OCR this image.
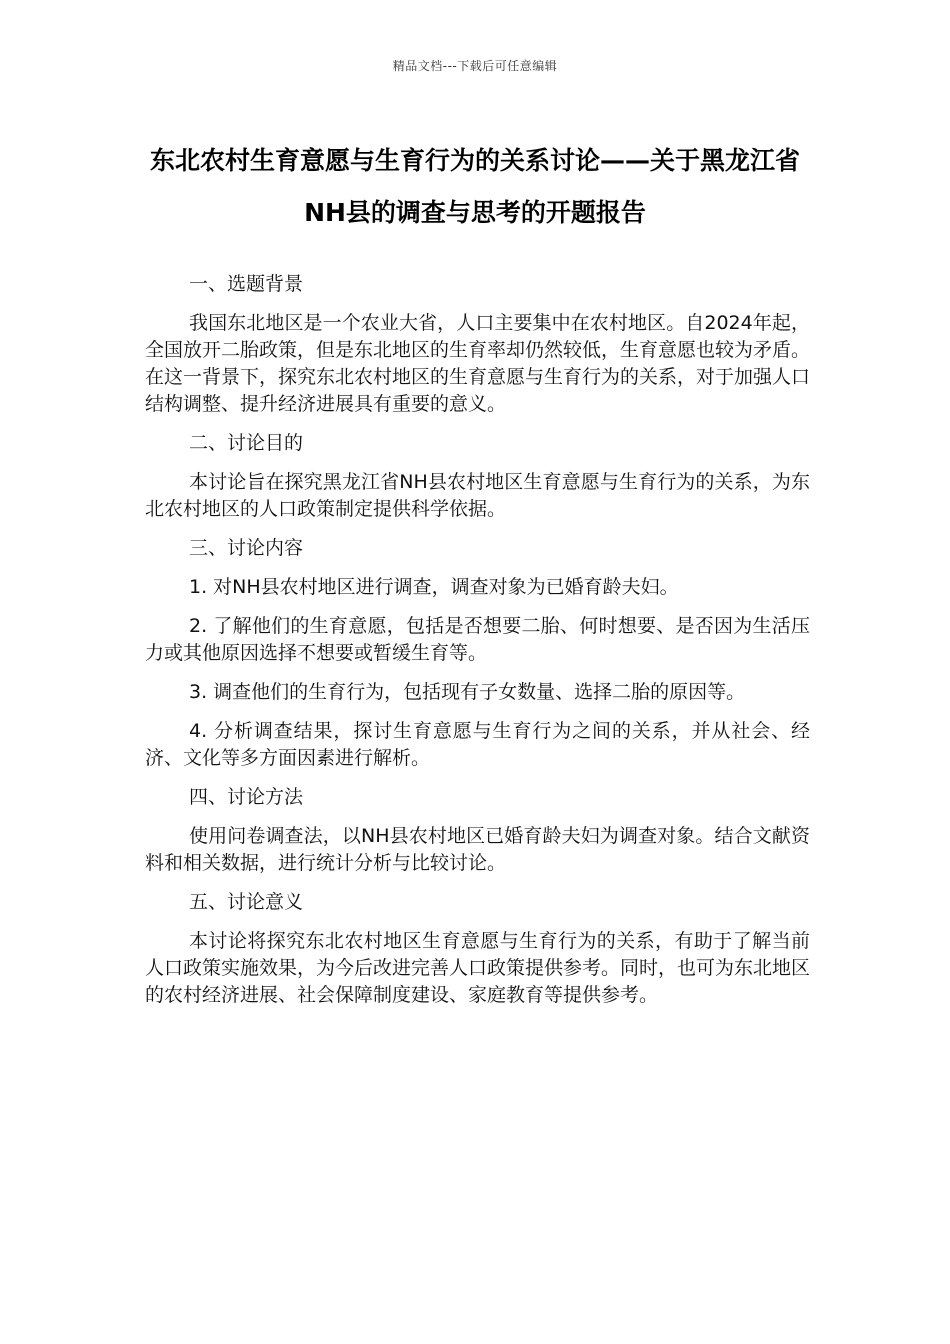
精品文档---下载后可任意编辑
东北农村生育意愿与生育行为的关系讨论——关于黑龙江省NH县的调查与思考的开题报告

一、选题背景

我国东北地区是一个农业大省，人口主要集中在农村地区。自2024年起，全国放开二胎政策，但是东北地区的生育率却仍然较低，生育意愿也较为矛盾。在这一背景下，探究东北农村地区的生育意愿与生育行为的关系，对于加强人口结构调整、提升经济进展具有重要的意义。

二、讨论目的

本讨论旨在探究黑龙江省NH县农村地区生育意愿与生育行为的关系，为东北农村地区的人口政策制定提供科学依据。

三、讨论内容

1. 对NH县农村地区进行调查，调查对象为已婚育龄夫妇。

2. 了解他们的生育意愿，包括是否想要二胎、何时想要、是否因为生活压力或其他原因选择不想要或暂缓生育等。

3. 调查他们的生育行为，包括现有子女数量、选择二胎的原因等。

4. 分析调查结果，探讨生育意愿与生育行为之间的关系，并从社会、经济、文化等多方面因素进行解析。

四、讨论方法

使用问卷调查法，以NH县农村地区已婚育龄夫妇为调查对象。结合文献资料和相关数据，进行统计分析与比较讨论。

五、讨论意义

本讨论将探究东北农村地区生育意愿与生育行为的关系，有助于了解当前人口政策实施效果，为今后改进完善人口政策提供参考。同时，也可为东北地区的农村经济进展、社会保障制度建设、家庭教育等提供参考。
